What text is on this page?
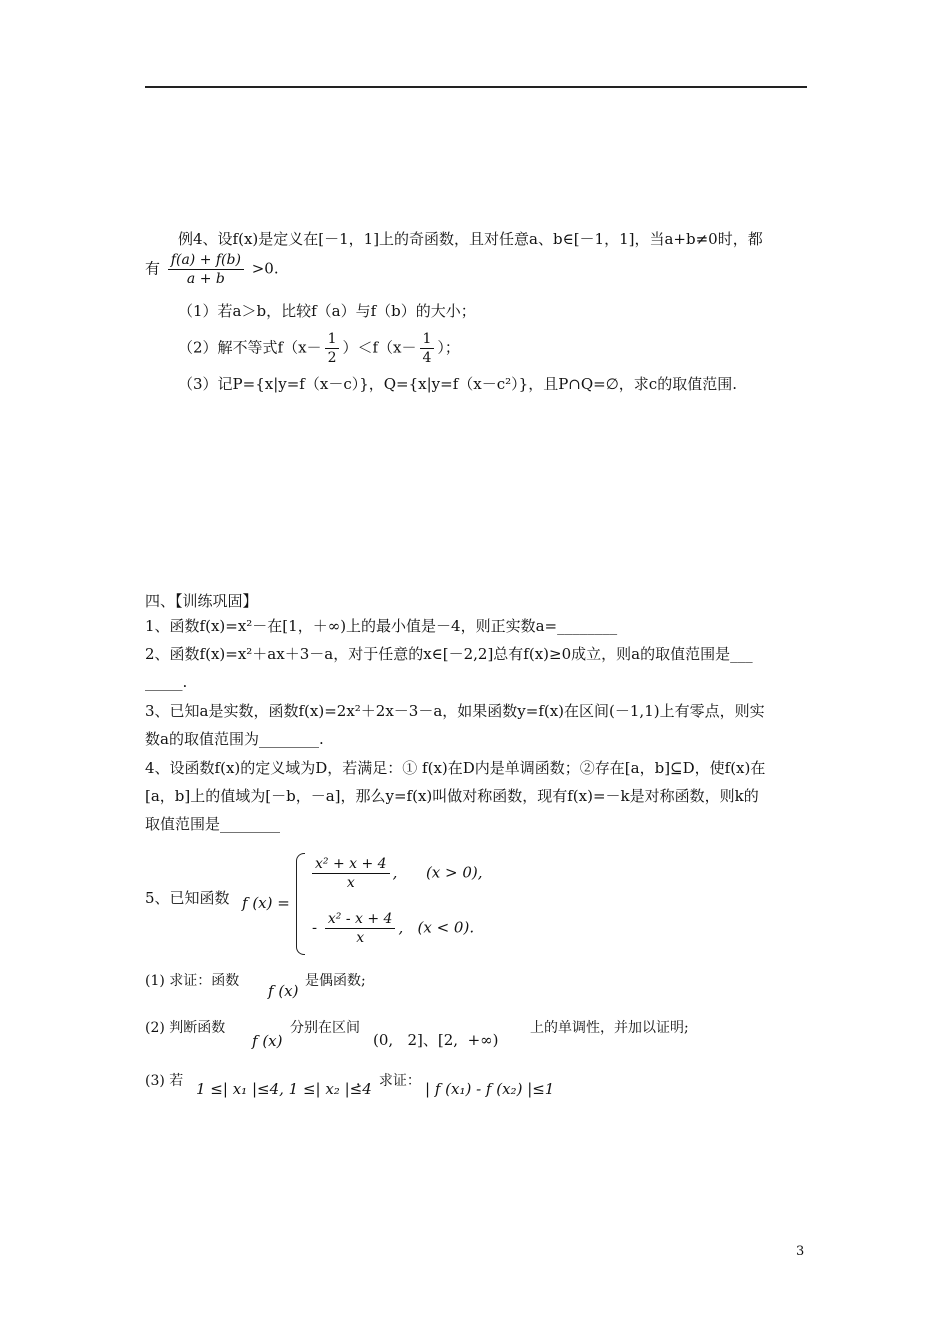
例4、设f(x)是定义在[－1，1]上的奇函数，且对任意a、b∈[－1，1]，当a+b≠0时，都
有 $\frac{f(a) + f(b)}{a + b} >0$.
（1）若a＞b，比较f（a）与f（b）的大小；
（2）解不等式$f(x- \frac{1}{2} )<f(x- \frac{1}{4}$ ）；
（3）记P={x|y=f（x－c）}，Q={x|y=f（x－c²）}，且P∩Q=∅，求c的取值范围.
四、【训练巩固】
1、函数f(x)=x²－在[1，＋∞)上的最小值是－4，则正实数a=________
2、函数f(x)=x²＋ax＋3－a，对于任意的x∈[－2,2]总有f(x)≥0成立，则a的取值范围是___
_____.
3、已知a是实数，函数f(x)=2x²＋2x－3－a，如果函数y=f(x)在区间(－1,1)上有零点，则实
数a的取值范围为________.
4、设函数f(x)的定义域为D，若满足：① f(x)在D内是单调函数；②存在[a，b]⊆D，使f(x)在
[a，b]上的值域为[－b，－a]，那么y=f(x)叫做对称函数，现有f(x)=－k是对称函数，则k的
取值范围是________
5、已知函数 f (x) =
$\frac{\text{x² + x + 4}}{x}$ ,      (x > 0),
- $\frac{\text{x² - x + 4}}{x}$ ,   (x < 0).
(1) 求证：函数
f (x)
是偶函数;
(2) 判断函数
f (x)
分别在区间
(0,   2]、[2,  +∞)
上的单调性，并加以证明;
(3) 若 1 ≤| x₁ |≤4, 1 ≤| x₂ |≤4
，  求证： | f (x₁) - f (x₂) |≤1
3
